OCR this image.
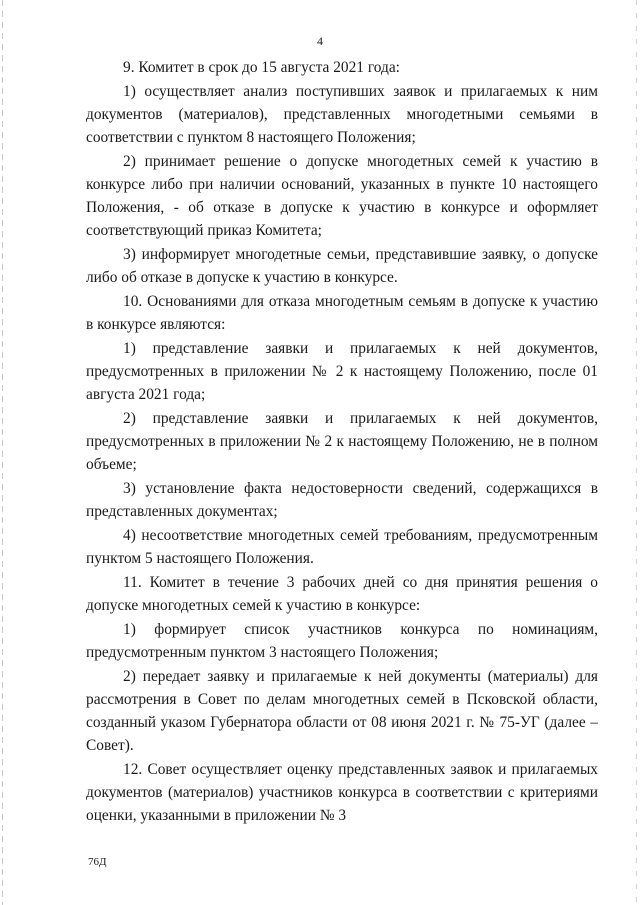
4

9. Комитет в срок до 15 августа 2021 года:

1) осуществляет анализ поступивших заявок и прилагаемых к ним документов (материалов), представленных многодетными семьями в соответствии с пунктом 8 настоящего Положения;

2) принимает решение о допуске многодетных семей к участию в конкурсе либо при наличии оснований, указанных в пункте 10 настоящего Положения, - об отказе в допуске к участию в конкурсе и оформляет соответствующий приказ Комитета;

3) информирует многодетные семьи, представившие заявку, о допуске либо об отказе в допуске к участию в конкурсе.

10. Основаниями для отказа многодетным семьям в допуске к участию в конкурсе являются:

1) представление заявки и прилагаемых к ней документов, предусмотренных в приложении № 2 к настоящему Положению, после 01 августа 2021 года;

2) представление заявки и прилагаемых к ней документов, предусмотренных в приложении № 2 к настоящему Положению, не в полном объеме;

3) установление факта недостоверности сведений, содержащихся в представленных документах;

4) несоответствие многодетных семей требованиям, предусмотренным пунктом 5 настоящего Положения.

11. Комитет в течение 3 рабочих дней со дня принятия решения о допуске многодетных семей к участию в конкурсе:

1) формирует список участников конкурса по номинациям, предусмотренным пунктом 3 настоящего Положения;

2) передает заявку и прилагаемые к ней документы (материалы) для рассмотрения в Совет по делам многодетных семей в Псковской области, созданный указом Губернатора области от 08 июня 2021 г. № 75-УГ (далее – Совет).

12. Совет осуществляет оценку представленных заявок и прилагаемых документов (материалов) участников конкурса в соответствии с критериями оценки, указанными в приложении № 3

76Д
